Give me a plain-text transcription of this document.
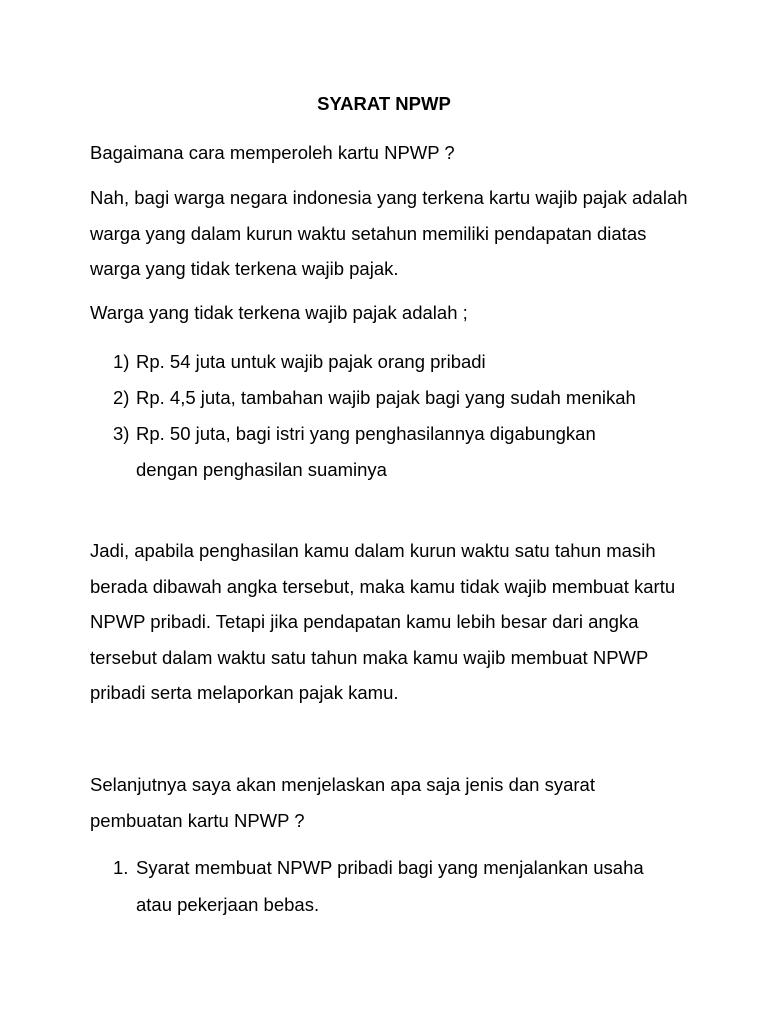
SYARAT NPWP

Bagaimana cara memperoleh kartu NPWP ?

Nah, bagi warga negara indonesia yang terkena kartu wajib pajak adalah warga yang dalam kurun waktu setahun memiliki pendapatan diatas warga yang tidak terkena wajib pajak.

Warga yang tidak terkena wajib pajak adalah ;

1) Rp. 54 juta untuk wajib pajak orang pribadi
2) Rp. 4,5 juta, tambahan wajib pajak bagi yang sudah menikah
3) Rp. 50 juta, bagi istri yang penghasilannya digabungkan dengan penghasilan suaminya

Jadi, apabila penghasilan kamu dalam kurun waktu satu tahun masih berada dibawah angka tersebut, maka kamu tidak wajib membuat kartu NPWP pribadi. Tetapi jika pendapatan kamu lebih besar dari angka tersebut dalam waktu satu tahun maka kamu wajib membuat NPWP pribadi serta melaporkan pajak kamu.

Selanjutnya saya akan menjelaskan apa saja jenis dan syarat pembuatan kartu NPWP ?

1. Syarat membuat NPWP pribadi bagi yang menjalankan usaha atau pekerjaan bebas.
